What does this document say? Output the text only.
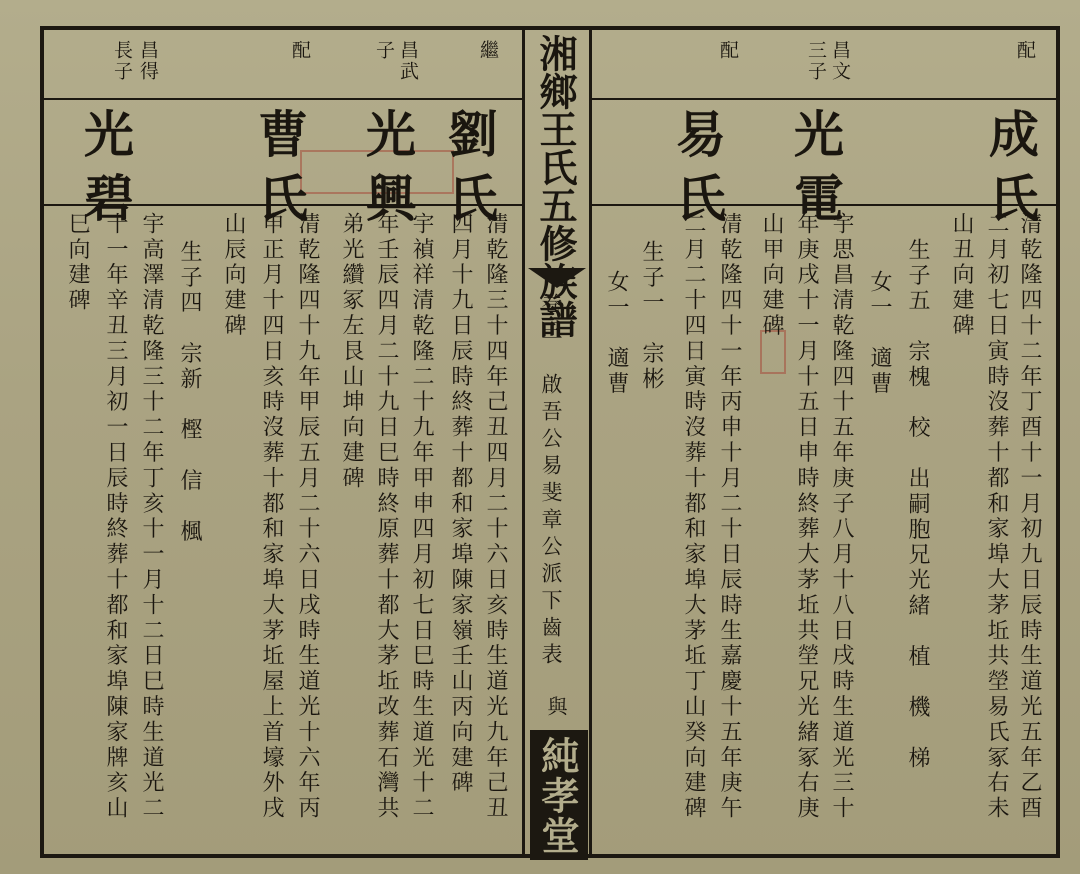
配
成氏
清乾隆四十二年丁酉十一月初九日辰時生道光五年乙酉
二月初七日寅時沒葬十都和家埠大茅坵共塋易氏冢右未
山丑向建碑
昌文
三子
光電
生子五　宗槐　校　出嗣胞兄光緒　植　機　梯
女一　適曹
宇思昌清乾隆四十五年庚子八月十八日戌時生道光三十
年庚戌十一月十五日申時終葬大茅坵共塋兄光緒冢右庚
山甲向建碑
配
易氏
清乾隆四十一年丙申十月二十日辰時生嘉慶十五年庚午
二月二十四日寅時沒葬十都和家埠大茅坵丁山癸向建碑
生子一　宗彬
女一　適曹
湘鄉王氏五修族譜
卷三　啟吾公易斐章公派下齒表
與
純孝堂
繼
劉氏
清乾隆三十四年己丑四月二十六日亥時生道光九年己丑
四月十九日辰時終葬十都和家埠陳家嶺壬山丙向建碑
昌武
子
光興
宇禎祥清乾隆二十九年甲申四月初七日巳時生道光十二
年壬辰四月二十九日巳時終原葬十都大茅坵改葬石灣共
弟光纘冢左艮山坤向建碑
配
曹氏
清乾隆四十九年甲辰五月二十六日戌時生道光十六年丙
申正月十四日亥時沒葬十都和家埠大茅坵屋上首壕外戌
山辰向建碑
生子四　宗新　樫　信　楓
昌得
長子
光碧
宇高澤清乾隆三十二年丁亥十一月十二日巳時生道光二
十一年辛丑三月初一日辰時終葬十都和家埠陳家牌亥山
巳向建碑
